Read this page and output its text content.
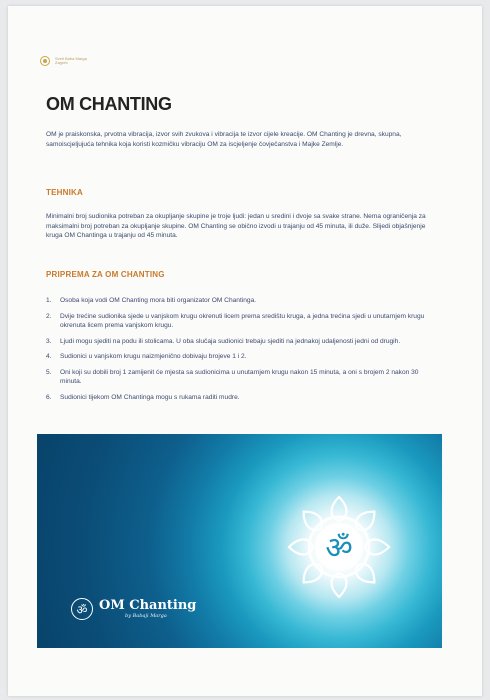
Sveti Baba Marga
Zagreb
OM CHANTING

OM je praiskonska, prvotna vibracija, izvor svih zvukova i vibracija te izvor cijele kreacije. OM Chanting je drevna, skupna, samoiscjeljujuća tehnika koja koristi kozmičku vibraciju OM za iscjeljenje čovječanstva i Majke Zemlje.

TEHNIKA

Minimalni broj sudionika potreban za okupljanje skupine je troje ljudi: jedan u sredini i dvoje sa svake strane. Nema ograničenja za maksimalni broj potreban za okupljanje skupine. OM Chanting se obično izvodi u trajanju od 45 minuta, ili duže. Slijedi objašnjenje kruga OM Chantinga u trajanju od 45 minuta.

PRIPREMA ZA OM CHANTING
1.	Osoba koja vodi OM Chanting mora biti organizator OM Chantinga.
2.	Dvije trećine sudionika sjede u vanjskom krugu okrenuti licem prema središtu kruga, a jedna trećina sjedi u unutarnjem krugu okrenuta licem prema vanjskom krugu.
3.	Ljudi mogu sjediti na podu ili stolicama. U oba slučaja sudionici trebaju sjediti na jednakoj udaljenosti jedni od drugih.
4.	Sudionici u vanjskom krugu naizmjenično dobivaju brojeve 1 i 2.
5.	Oni koji su dobili broj 1 zamijenit će mjesta sa sudionicima u unutarnjem krugu nakon 15 minuta, a oni s brojem 2 nakon 30 minuta.
6.	Sudionici tijekom OM Chantinga mogu s rukama raditi mudre.
ॐ
ॐ OM Chanting
by Babaji Marga
